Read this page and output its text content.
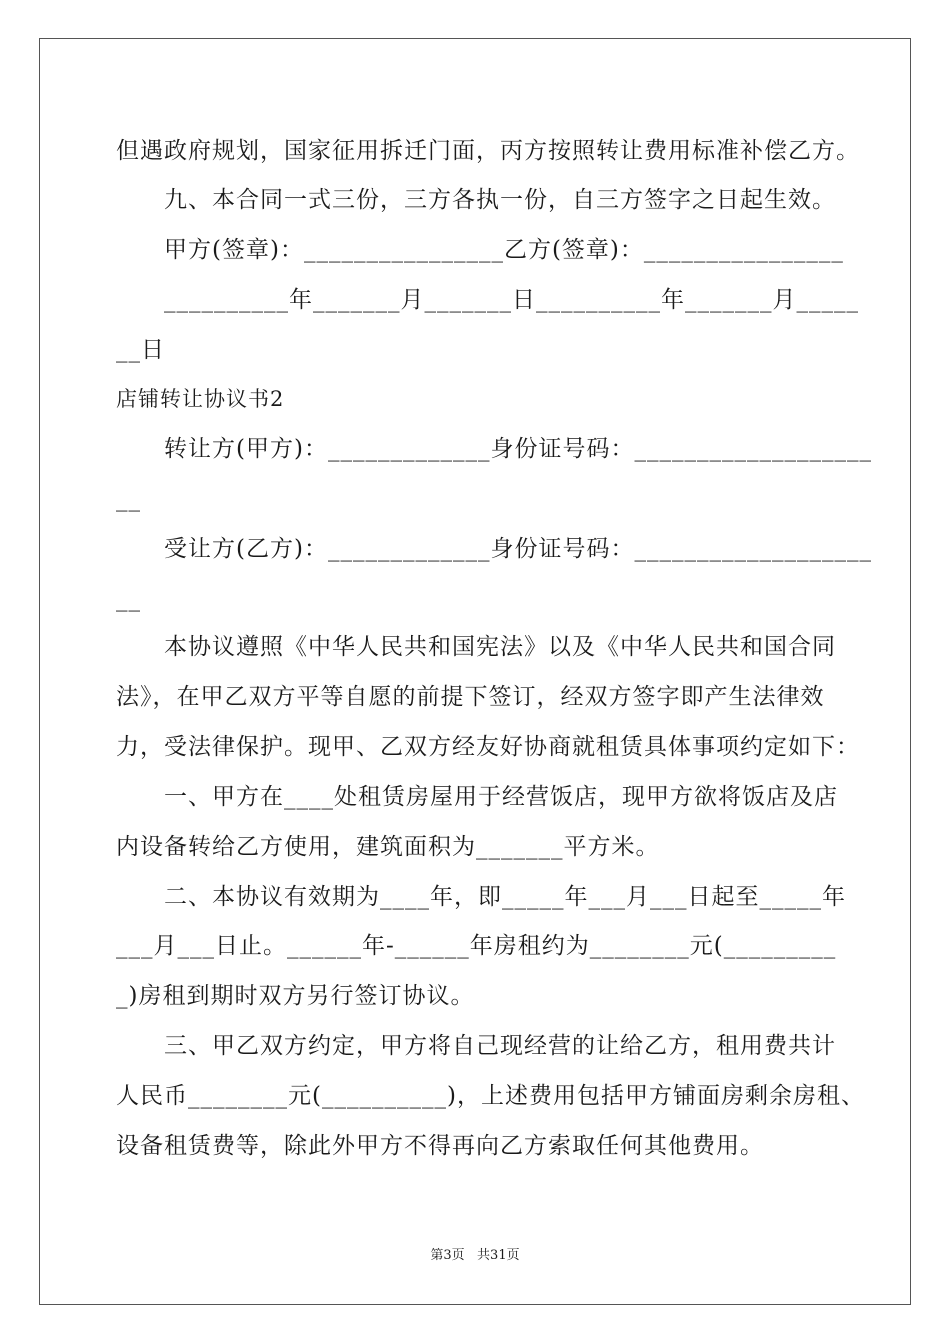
但遇政府规划，国家征用拆迁门面，丙方按照转让费用标准补偿乙方。
九、本合同一式三份，三方各执一份，自三方签字之日起生效。
甲方(签章)：________________乙方(签章)：________________
__________年_______月_______日__________年_______月_____
__日
店铺转让协议书2
转让方(甲方)：_____________身份证号码：___________________
__
受让方(乙方)：_____________身份证号码：___________________
__
本协议遵照《中华人民共和国宪法》以及《中华人民共和国合同
法》，在甲乙双方平等自愿的前提下签订，经双方签字即产生法律效
力，受法律保护。现甲、乙双方经友好协商就租赁具体事项约定如下：
一、甲方在____处租赁房屋用于经营饭店，现甲方欲将饭店及店
内设备转给乙方使用，建筑面积为_______平方米。
二、本协议有效期为____年，即_____年___月___日起至_____年
___月___日止。______年-______年房租约为________元(_________
_)房租到期时双方另行签订协议。
三、甲乙双方约定，甲方将自己现经营的让给乙方，租用费共计
人民币________元(__________)，上述费用包括甲方铺面房剩余房租、
设备租赁费等，除此外甲方不得再向乙方索取任何其他费用。
第3页   共31页
